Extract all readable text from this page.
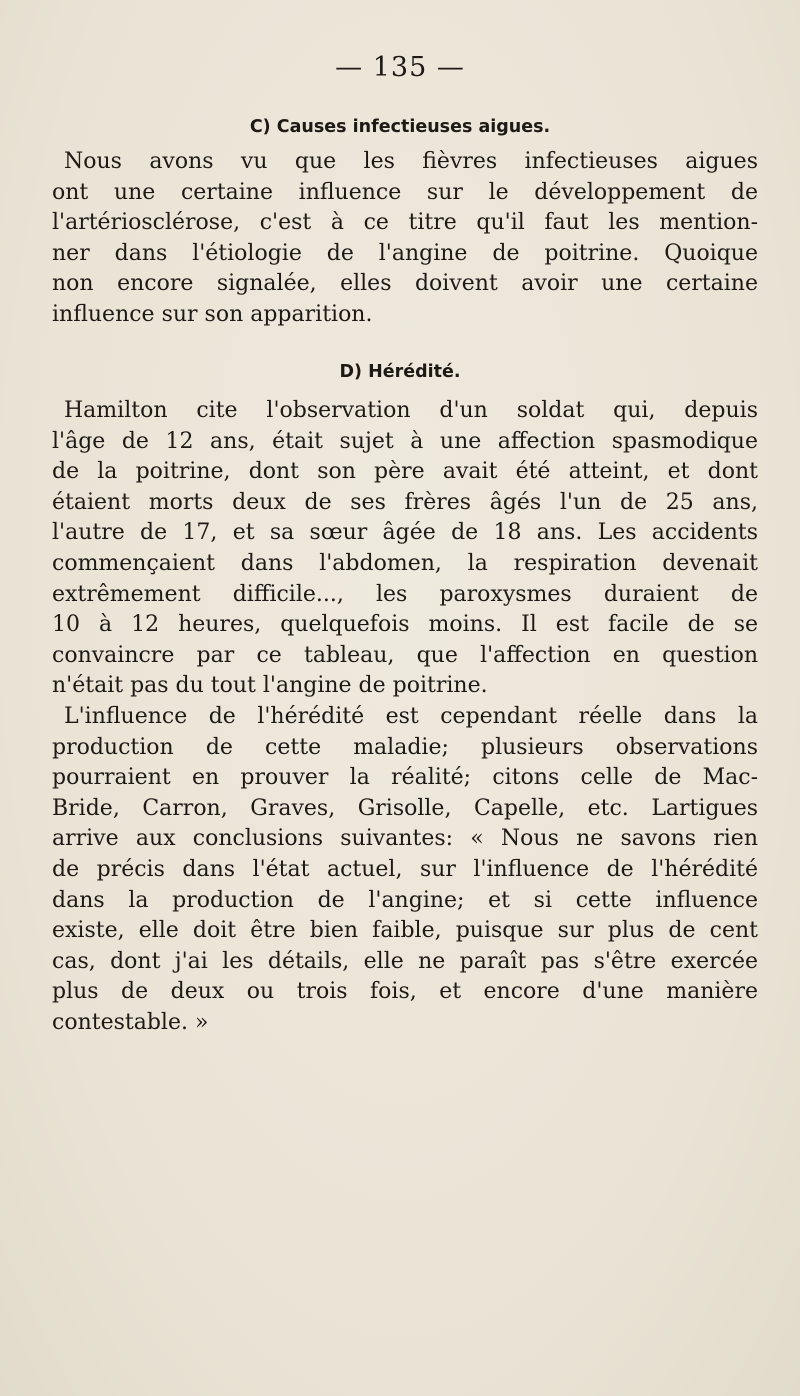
— 135 —
C) Causes infectieuses aigues.
Nous avons vu que les fièvres infectieuses aigues
ont une certaine influence sur le développement de
l'artériosclérose, c'est à ce titre qu'il faut les mention-
ner dans l'étiologie de l'angine de poitrine. Quoique
non encore signalée, elles doivent avoir une certaine
influence sur son apparition.
D) Hérédité.
Hamilton cite l'observation d'un soldat qui, depuis
l'âge de 12 ans, était sujet à une affection spasmodique
de la poitrine, dont son père avait été atteint, et dont
étaient morts deux de ses frères âgés l'un de 25 ans,
l'autre de 17, et sa sœur âgée de 18 ans. Les accidents
commençaient dans l'abdomen, la respiration devenait
extrêmement difficile..., les paroxysmes duraient de
10 à 12 heures, quelquefois moins. Il est facile de se
convaincre par ce tableau, que l'affection en question
n'était pas du tout l'angine de poitrine.
L'influence de l'hérédité est cependant réelle dans la
production de cette maladie; plusieurs observations
pourraient en prouver la réalité; citons celle de Mac-
Bride, Carron, Graves, Grisolle, Capelle, etc. Lartigues
arrive aux conclusions suivantes: « Nous ne savons rien
de précis dans l'état actuel, sur l'influence de l'hérédité
dans la production de l'angine; et si cette influence
existe, elle doit être bien faible, puisque sur plus de cent
cas, dont j'ai les détails, elle ne paraît pas s'être exercée
plus de deux ou trois fois, et encore d'une manière
contestable. »
